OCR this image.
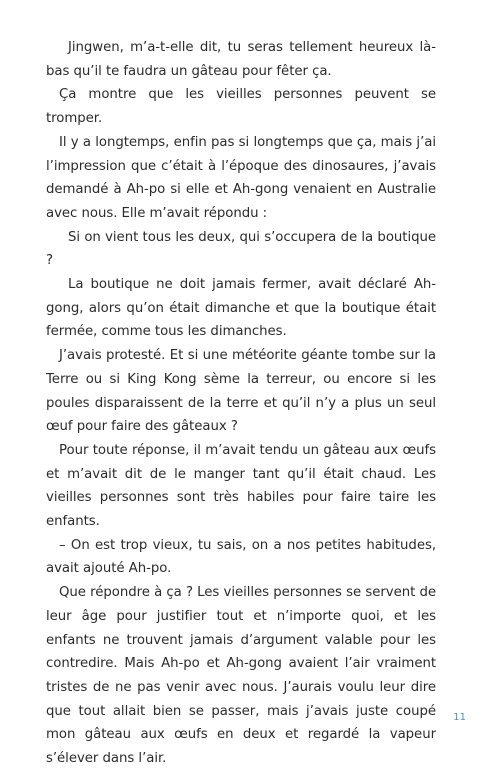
Jingwen, m’a-t-elle dit, tu seras tellement heureux là-bas qu’il te faudra un gâteau pour fêter ça.

Ça montre que les vieilles personnes peuvent se tromper.

Il y a longtemps, enfin pas si longtemps que ça, mais j’ai l’impression que c’était à l’époque des dinosaures, j’avais demandé à Ah-po si elle et Ah-gong venaient en Australie avec nous. Elle m’avait répondu :

Si on vient tous les deux, qui s’occupera de la boutique ?

La boutique ne doit jamais fermer, avait déclaré Ah-gong, alors qu’on était dimanche et que la boutique était fermée, comme tous les dimanches.

J’avais protesté. Et si une météorite géante tombe sur la Terre ou si King Kong sème la terreur, ou encore si les poules disparaissent de la terre et qu’il n’y a plus un seul œuf pour faire des gâteaux ?

Pour toute réponse, il m’avait tendu un gâteau aux œufs et m’avait dit de le manger tant qu’il était chaud. Les vieilles personnes sont très habiles pour faire taire les enfants.

– On est trop vieux, tu sais, on a nos petites habitudes, avait ajouté Ah-po.

Que répondre à ça ? Les vieilles personnes se servent de leur âge pour justifier tout et n’importe quoi, et les enfants ne trouvent jamais d’argument valable pour les contredire. Mais Ah-po et Ah-gong avaient l’air vraiment tristes de ne pas venir avec nous. J’aurais voulu leur dire que tout allait bien se passer, mais j’avais juste coupé mon gâteau aux œufs en deux et regardé la vapeur s’élever dans l’air.

11
